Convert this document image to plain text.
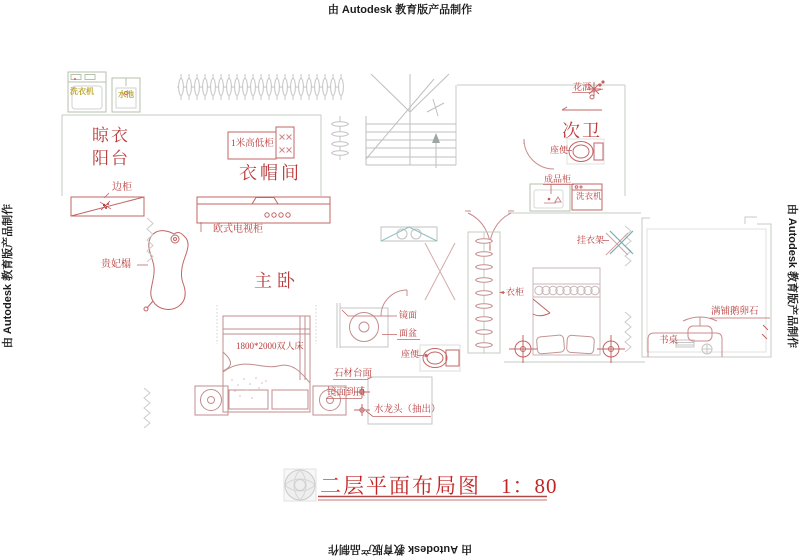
由 Autodesk 教育版产品制作
由 Autodesk 教育版产品制作
由 Autodesk 教育版产品制作	由 Autodesk 教育版产品制作
晾衣
阳台
衣帽间
主卧
次卫
洗衣机	水池
边柜
1米高低柜
欧式电视柜
贵妃榻
1800*2000双人床
石材台面
镜面到顶
水龙头（抽出）
镜面
面盆
座便
衣柜
挂衣架
花洒
座便
成品柜
洗衣机
书桌
满铺鹅卵石
二层平面布局图 1：80
